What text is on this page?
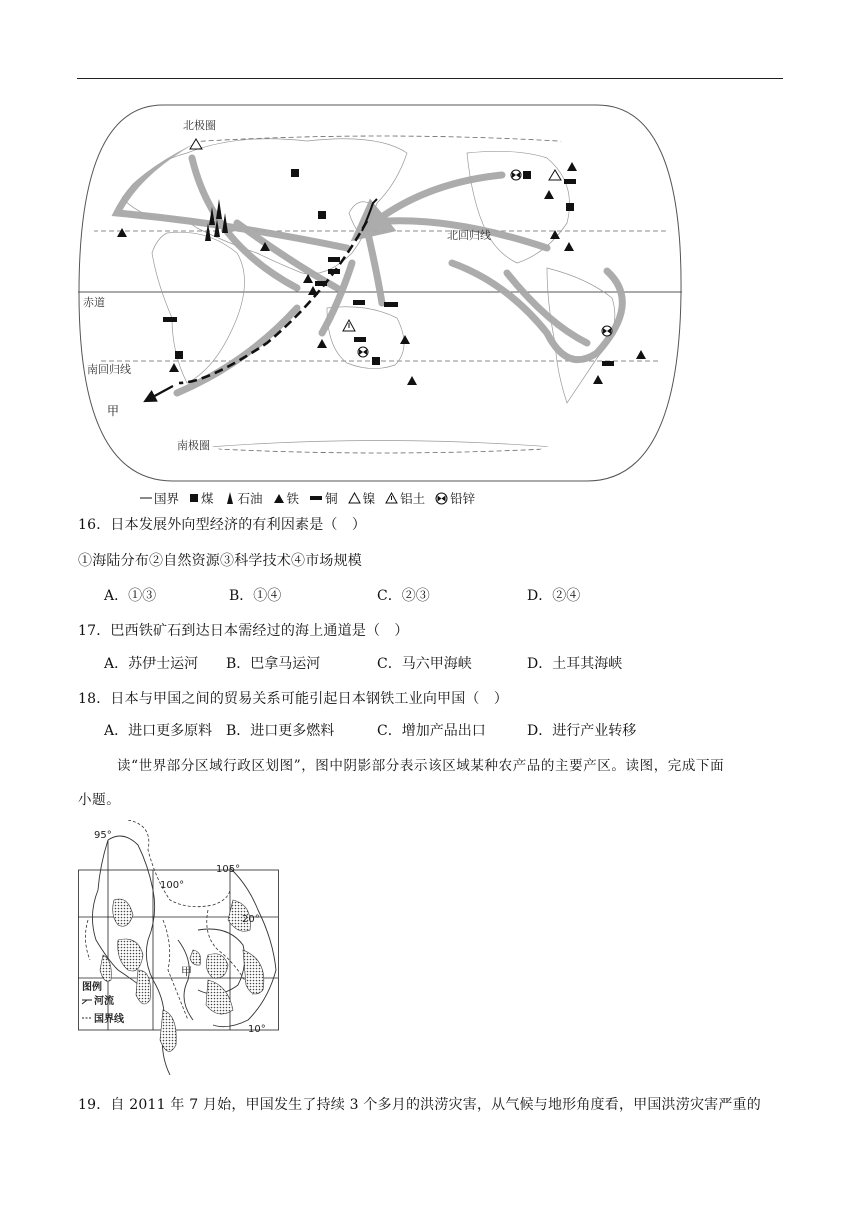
北极圈
北回归线
赤道
南回归线
南极圈
甲
国界 煤 石油 铁 铜 镍 铝土 铅锌
16．日本发展外向型经济的有利因素是（　）
①海陆分布②自然资源③科学技术④市场规模
A．①③	B．①④	C．②③	D．②④
17．巴西铁矿石到达日本需经过的海上通道是（　）
A．苏伊士运河 B．巴拿马运河	C．马六甲海峡	D．土耳其海峡
18．日本与甲国之间的贸易关系可能引起日本钢铁工业向甲国（　）
A．进口更多原料 B．进口更多燃料	C．增加产品出口	D．进行产业转移
读“世界部分区域行政区划图”，图中阴影部分表示该区域某种农产品的主要产区。读图，完成下面
小题。
95°
100°
105°
20°
10°
甲
图例
河流
国界线
19．自 2011 年 7 月始，甲国发生了持续 3 个多月的洪涝灾害，从气候与地形角度看，甲国洪涝灾害严重的
